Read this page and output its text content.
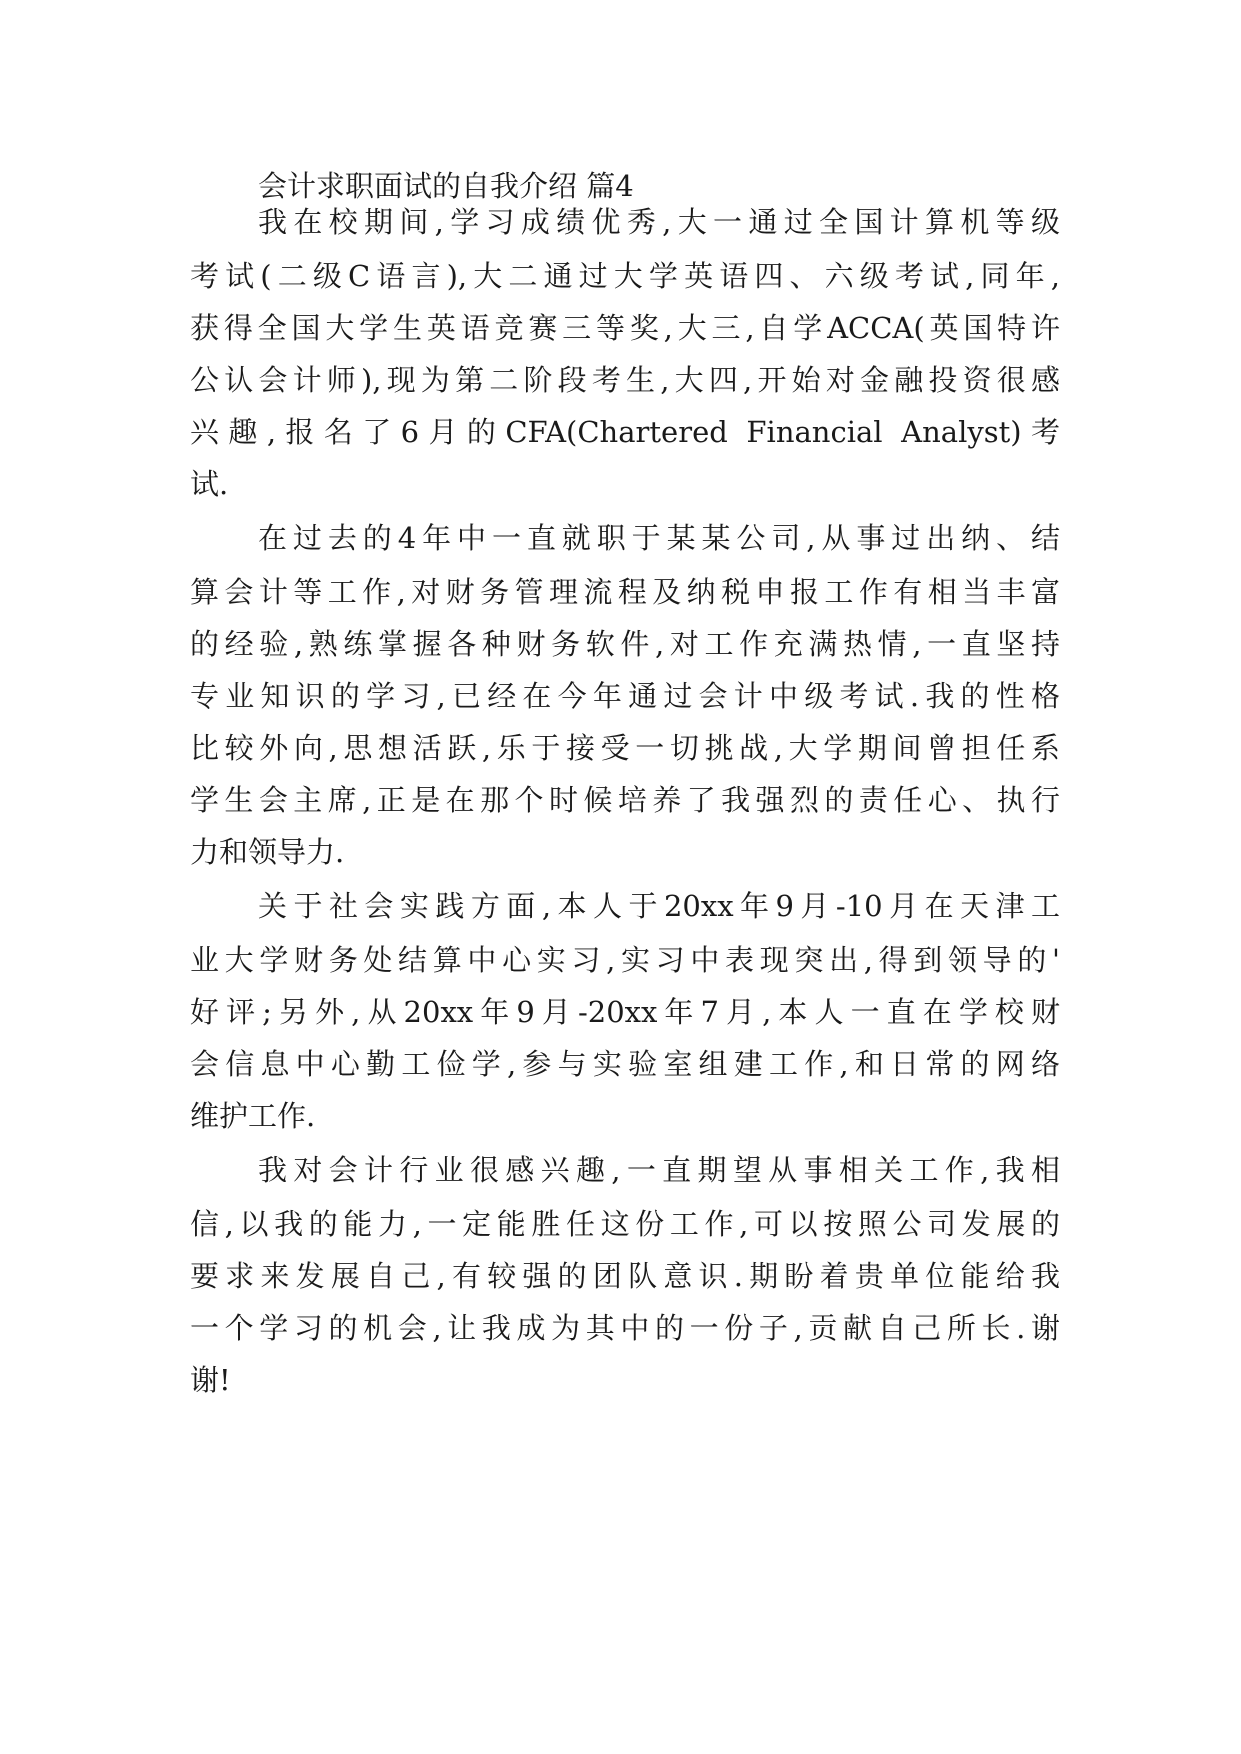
会计求职面试的自我介绍 篇4
我在校期间,学习成绩优秀,大一通过全国计算机等级
考试(二级C语言),大二通过大学英语四、六级考试,同年,
获得全国大学生英语竞赛三等奖,大三,自学ACCA(英国特许
公认会计师),现为第二阶段考生,大四,开始对金融投资很感
兴趣,报名了6月的CFA(Chartered Financial Analyst)考
试.
在过去的4年中一直就职于某某公司,从事过出纳、结
算会计等工作,对财务管理流程及纳税申报工作有相当丰富
的经验,熟练掌握各种财务软件,对工作充满热情,一直坚持
专业知识的学习,已经在今年通过会计中级考试.我的性格
比较外向,思想活跃,乐于接受一切挑战,大学期间曾担任系
学生会主席,正是在那个时候培养了我强烈的责任心、执行
力和领导力.
关于社会实践方面,本人于20xx年9月-10月在天津工
业大学财务处结算中心实习,实习中表现突出,得到领导的'
好评;另外,从20xx年9月-20xx年7月,本人一直在学校财
会信息中心勤工俭学,参与实验室组建工作,和日常的网络
维护工作.
我对会计行业很感兴趣,一直期望从事相关工作,我相
信,以我的能力,一定能胜任这份工作,可以按照公司发展的
要求来发展自己,有较强的团队意识.期盼着贵单位能给我
一个学习的机会,让我成为其中的一份子,贡献自己所长.谢
谢!
